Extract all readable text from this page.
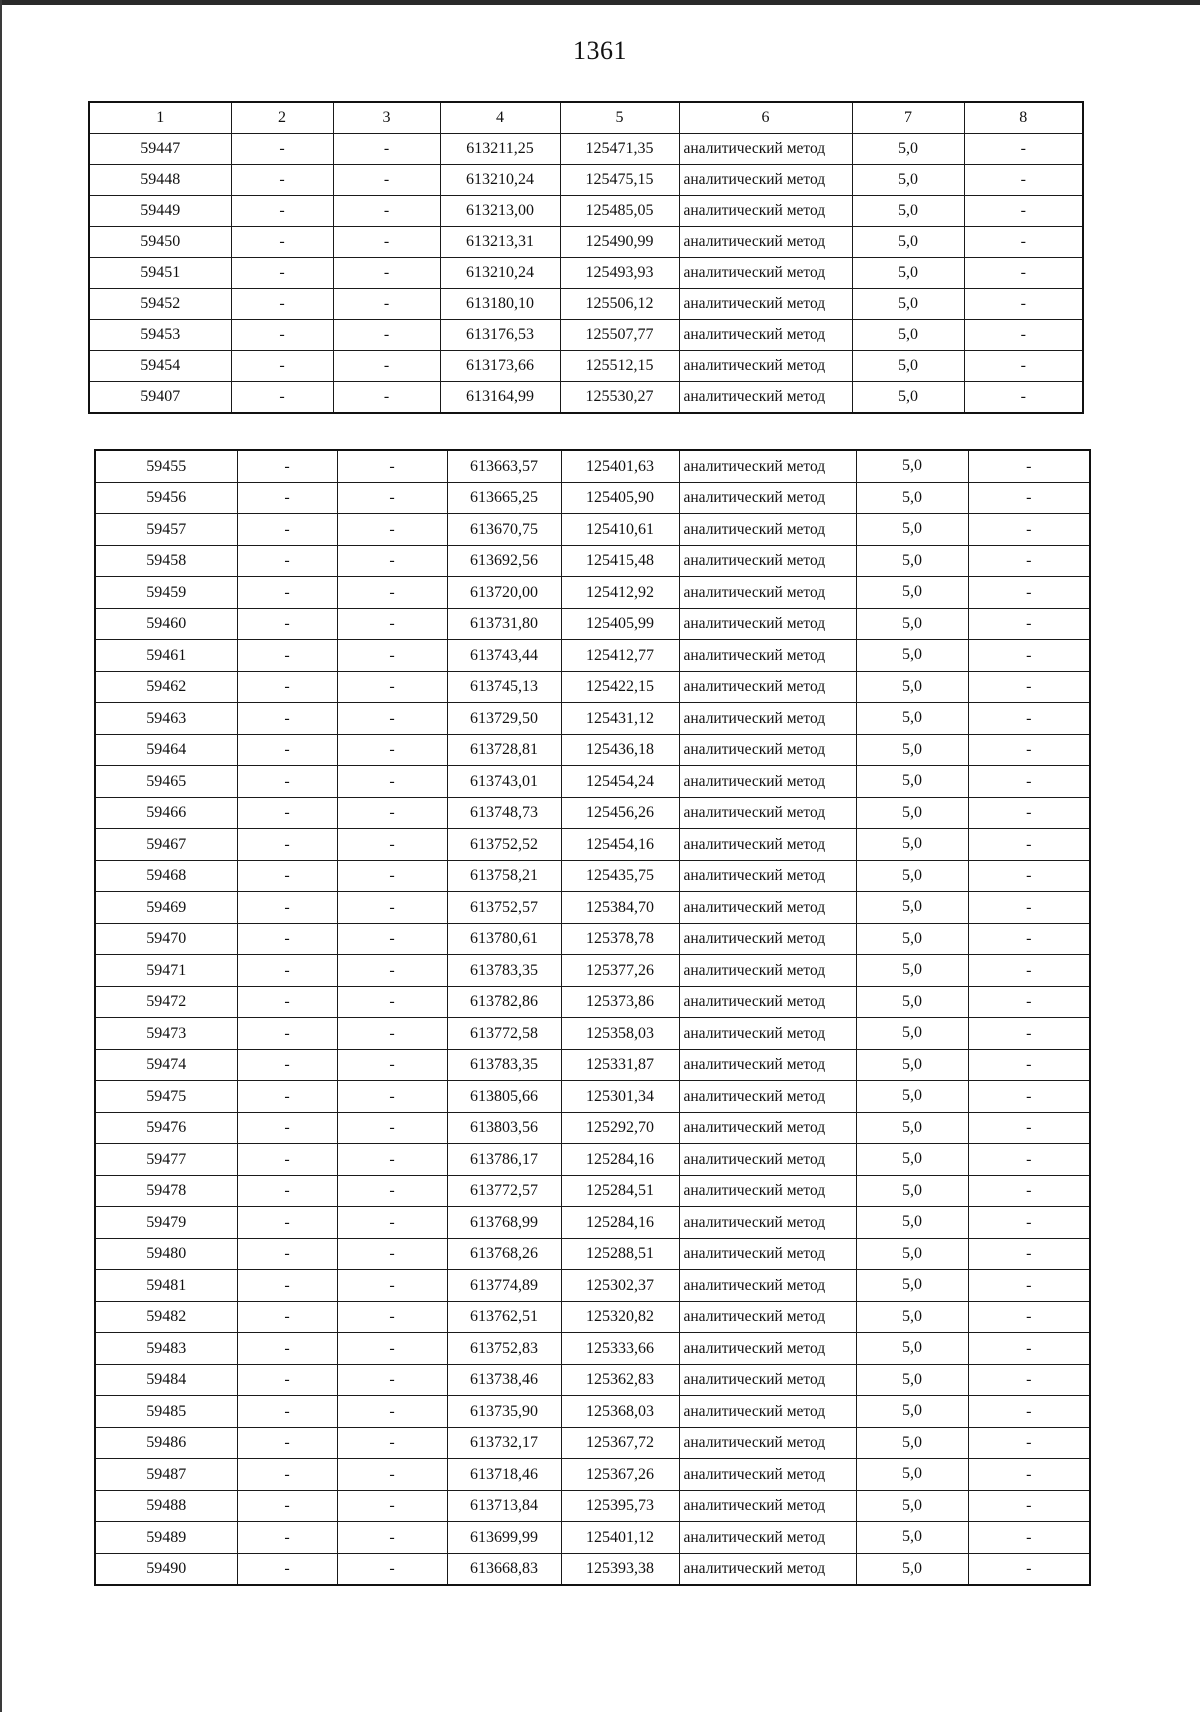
1361
1	2	3	4	5	6	7	8
59447	-	-	613211,25	125471,35	аналитический метод	5,0	-
59448	-	-	613210,24	125475,15	аналитический метод	5,0	-
59449	-	-	613213,00	125485,05	аналитический метод	5,0	-
59450	-	-	613213,31	125490,99	аналитический метод	5,0	-
59451	-	-	613210,24	125493,93	аналитический метод	5,0	-
59452	-	-	613180,10	125506,12	аналитический метод	5,0	-
59453	-	-	613176,53	125507,77	аналитический метод	5,0	-
59454	-	-	613173,66	125512,15	аналитический метод	5,0	-
59407	-	-	613164,99	125530,27	аналитический метод	5,0	-
59455	-	-	613663,57	125401,63	аналитический метод	5,0	-
59456	-	-	613665,25	125405,90	аналитический метод	5,0	-
59457	-	-	613670,75	125410,61	аналитический метод	5,0	-
59458	-	-	613692,56	125415,48	аналитический метод	5,0	-
59459	-	-	613720,00	125412,92	аналитический метод	5,0	-
59460	-	-	613731,80	125405,99	аналитический метод	5,0	-
59461	-	-	613743,44	125412,77	аналитический метод	5,0	-
59462	-	-	613745,13	125422,15	аналитический метод	5,0	-
59463	-	-	613729,50	125431,12	аналитический метод	5,0	-
59464	-	-	613728,81	125436,18	аналитический метод	5,0	-
59465	-	-	613743,01	125454,24	аналитический метод	5,0	-
59466	-	-	613748,73	125456,26	аналитический метод	5,0	-
59467	-	-	613752,52	125454,16	аналитический метод	5,0	-
59468	-	-	613758,21	125435,75	аналитический метод	5,0	-
59469	-	-	613752,57	125384,70	аналитический метод	5,0	-
59470	-	-	613780,61	125378,78	аналитический метод	5,0	-
59471	-	-	613783,35	125377,26	аналитический метод	5,0	-
59472	-	-	613782,86	125373,86	аналитический метод	5,0	-
59473	-	-	613772,58	125358,03	аналитический метод	5,0	-
59474	-	-	613783,35	125331,87	аналитический метод	5,0	-
59475	-	-	613805,66	125301,34	аналитический метод	5,0	-
59476	-	-	613803,56	125292,70	аналитический метод	5,0	-
59477	-	-	613786,17	125284,16	аналитический метод	5,0	-
59478	-	-	613772,57	125284,51	аналитический метод	5,0	-
59479	-	-	613768,99	125284,16	аналитический метод	5,0	-
59480	-	-	613768,26	125288,51	аналитический метод	5,0	-
59481	-	-	613774,89	125302,37	аналитический метод	5,0	-
59482	-	-	613762,51	125320,82	аналитический метод	5,0	-
59483	-	-	613752,83	125333,66	аналитический метод	5,0	-
59484	-	-	613738,46	125362,83	аналитический метод	5,0	-
59485	-	-	613735,90	125368,03	аналитический метод	5,0	-
59486	-	-	613732,17	125367,72	аналитический метод	5,0	-
59487	-	-	613718,46	125367,26	аналитический метод	5,0	-
59488	-	-	613713,84	125395,73	аналитический метод	5,0	-
59489	-	-	613699,99	125401,12	аналитический метод	5,0	-
59490	-	-	613668,83	125393,38	аналитический метод	5,0	-
